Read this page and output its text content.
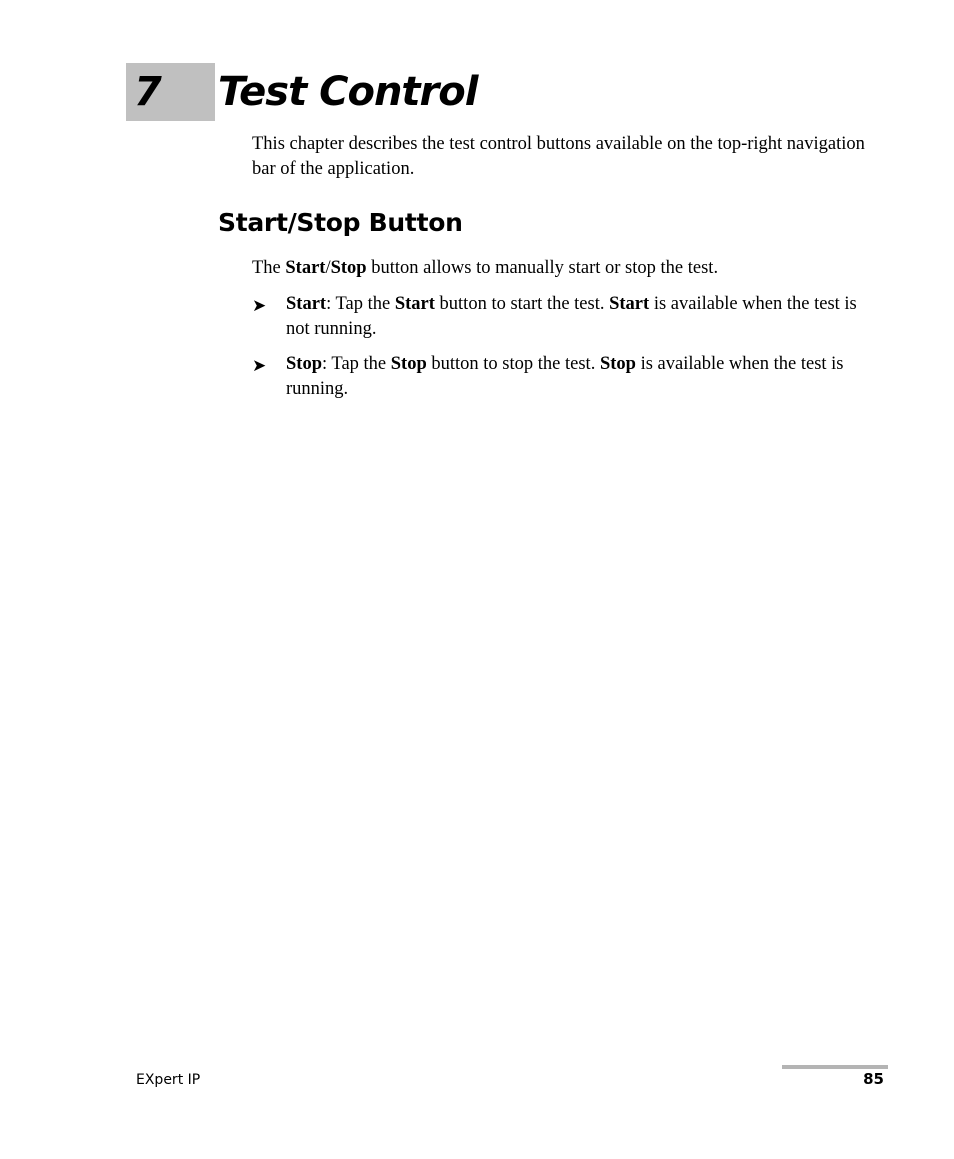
7 Test Control
This chapter describes the test control buttons available on the top-right navigation bar of the application.
Start/Stop Button
The Start/Stop button allows to manually start or stop the test.
➤	Start: Tap the Start button to start the test. Start is available when the test is not running.
➤	Stop: Tap the Stop button to stop the test. Stop is available when the test is running.
EXpert IP	85
